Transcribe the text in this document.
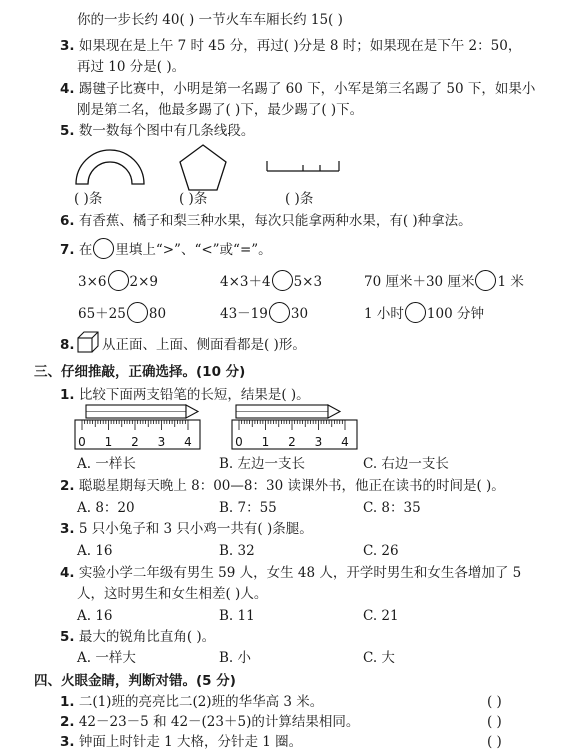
你的一步长约 40( ) 一节火车车厢长约 15( )
3. 如果现在是上午 7 时 45 分，再过( )分是 8 时；如果现在是下午 2：50，
再过 10 分是( )。
4. 踢毽子比赛中，小明是第一名踢了 60 下，小军是第三名踢了 50 下，如果小
刚是第二名，他最多踢了( )下，最少踢了( )下。
5. 数一数每个图中有几条线段。
( )条	( )条	( )条
6. 有香蕉、橘子和梨三种水果，每次只能拿两种水果，有( )种拿法。
7. 在 里填上“>”、“<”或“=”。
3×6 2×9	4×3＋4 5×3	70 厘米＋30 厘米 1 米
65＋25 80	43－19 30	1 小时 100 分钟
8. 从正面、上面、侧面看都是( )形。
三、仔细推敲，正确选择。(10 分)
1. 比较下面两支铅笔的长短，结果是( )。
0 1 2 3 4	0 1 2 3 4
A. 一样长	B. 左边一支长	C. 右边一支长
2. 聪聪星期每天晚上 8：00—8：30 读课外书，他正在读书的时间是( )。
A. 8：20	B. 7：55	C. 8：35
3. 5 只小兔子和 3 只小鸡一共有( )条腿。
A. 16	B. 32	C. 26
4. 实验小学二年级有男生 59 人，女生 48 人，开学时男生和女生各增加了 5
人，这时男生和女生相差( )人。
A. 16	B. 11	C. 21
5. 最大的锐角比直角( )。
A. 一样大	B. 小	C. 大
四、火眼金睛，判断对错。(5 分)
1. 二(1)班的亮亮比二(2)班的华华高 3 米。	( )
2. 42－23－5 和 42－(23＋5)的计算结果相同。	( )
3. 钟面上时针走 1 大格，分针走 1 圈。	( )
